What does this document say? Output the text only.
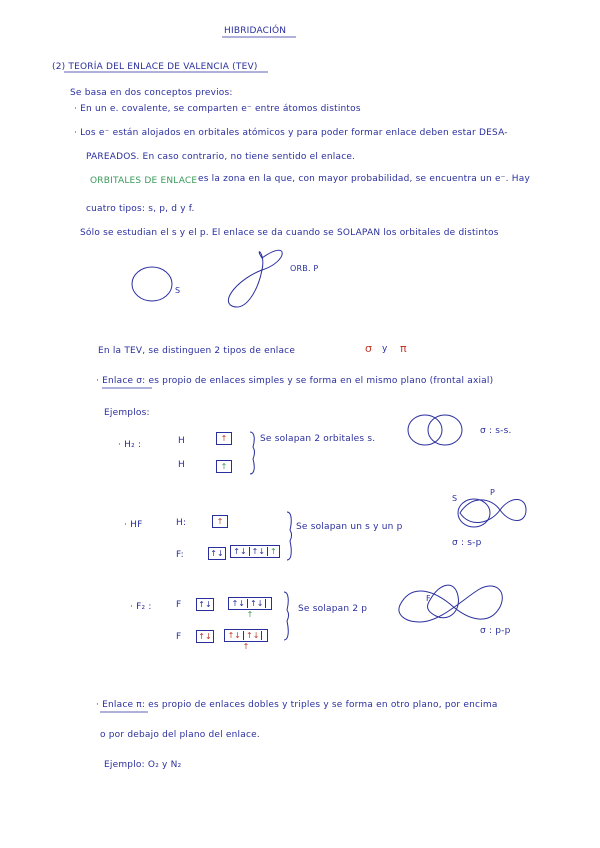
HIBRIDACIÓN
(2) TEORÍA DEL ENLACE DE VALENCIA (TEV)
Se basa en dos conceptos previos:
· En un e. covalente, se comparten e⁻ entre átomos distintos
· Los e⁻ están alojados en orbitales atómicos y para poder formar enlace deben estar DESA-
PAREADOS. En caso contrario, no tiene sentido el enlace.
ORBITALES DE ENLACE es la zona en la que, con mayor probabilidad, se encuentra un e⁻. Hay
cuatro tipos: s, p, d y f.
Sólo se estudian el s y el p. El enlace se da cuando se SOLAPAN los orbitales de distintos
S
ORB. P
En la TEV, se distinguen 2 tipos de enlace	σ y π
· Enlace σ: es propio de enlaces simples y se forma en el mismo plano (frontal axial)
Ejemplos:
· H₂ :	H	↑
H	↑
Se solapan 2 orbitales s.
σ : s-s.
· HF	H:	↑
F:	↑↓	↑↓ ↑↓ ↑
Se solapan un s y un p
S
P
σ : s-p
· F₂ :	F ↑↓	↑↓ ↑↓↑
F ↑↓	↑↓ ↑↓↑
Se solapan 2 p
F
σ : p-p
· Enlace π: es propio de enlaces dobles y triples y se forma en otro plano, por encima
o por debajo del plano del enlace.
Ejemplo: O₂ y N₂
